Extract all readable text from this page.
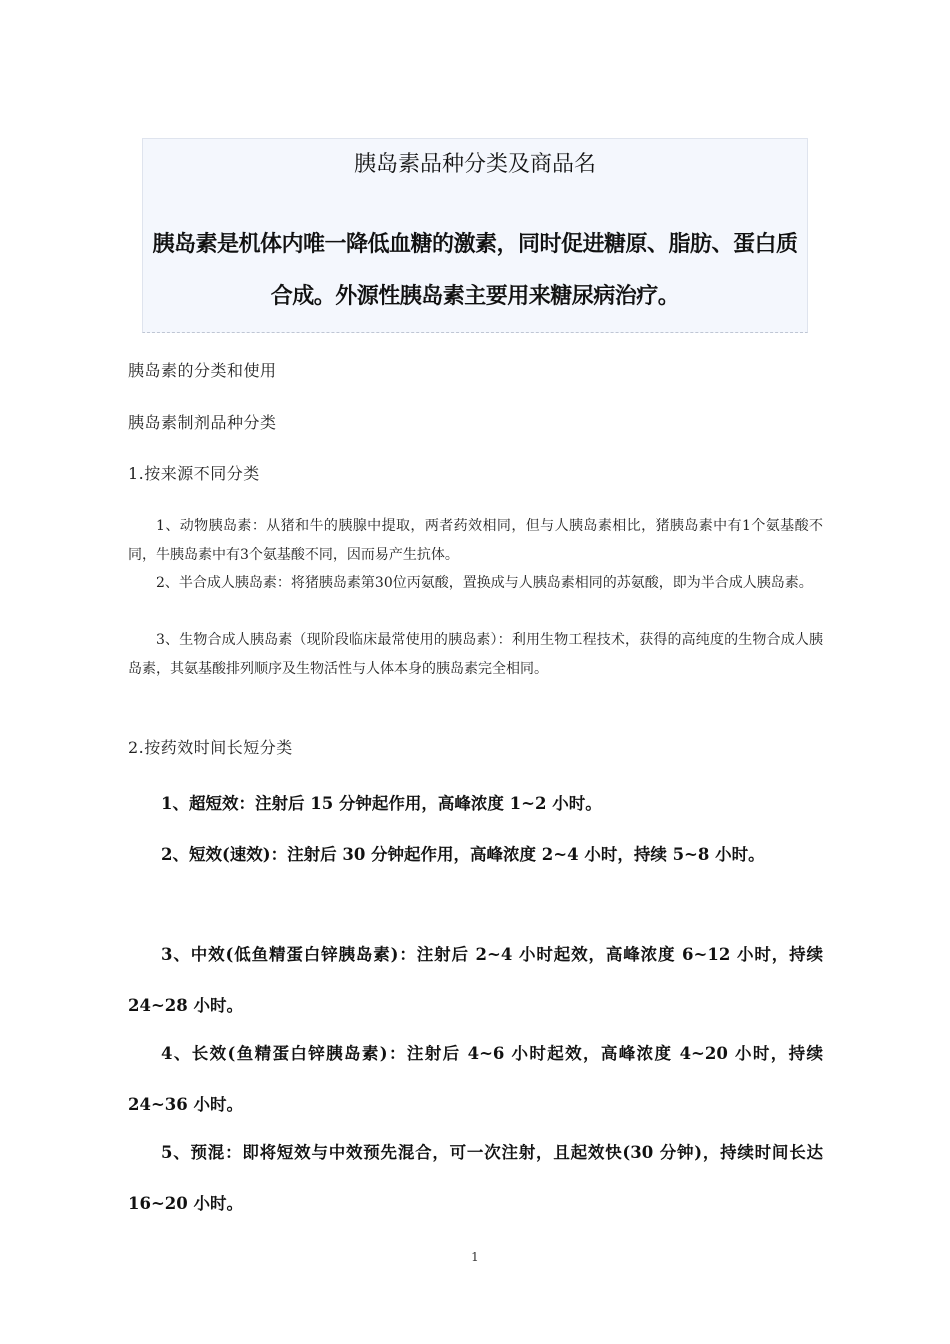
胰岛素品种分类及商品名
胰岛素是机体内唯一降低血糖的激素，同时促进糖原、脂肪、蛋白质合成。外源性胰岛素主要用来糖尿病治疗。
胰岛素的分类和使用
胰岛素制剂品种分类
1.按来源不同分类
1、动物胰岛素：从猪和牛的胰腺中提取，两者药效相同，但与人胰岛素相比，猪胰岛素中有1个氨基酸不同，牛胰岛素中有3个氨基酸不同，因而易产生抗体。
2、半合成人胰岛素：将猪胰岛素第30位丙氨酸，置换成与人胰岛素相同的苏氨酸，即为半合成人胰岛素。
3、生物合成人胰岛素（现阶段临床最常使用的胰岛素）：利用生物工程技术，获得的高纯度的生物合成人胰岛素，其氨基酸排列顺序及生物活性与人体本身的胰岛素完全相同。
2.按药效时间长短分类
1、超短效：注射后 15 分钟起作用，高峰浓度 1~2 小时。
2、短效(速效)：注射后 30 分钟起作用，高峰浓度 2~4 小时，持续 5~8 小时。
3、中效(低鱼精蛋白锌胰岛素)：注射后 2~4 小时起效，高峰浓度 6~12 小时，持续 24~28 小时。
4、长效(鱼精蛋白锌胰岛素)：注射后 4~6 小时起效，高峰浓度 4~20 小时，持续 24~36 小时。
5、预混：即将短效与中效预先混合，可一次注射，且起效快(30 分钟)，持续时间长达 16~20 小时。
1
